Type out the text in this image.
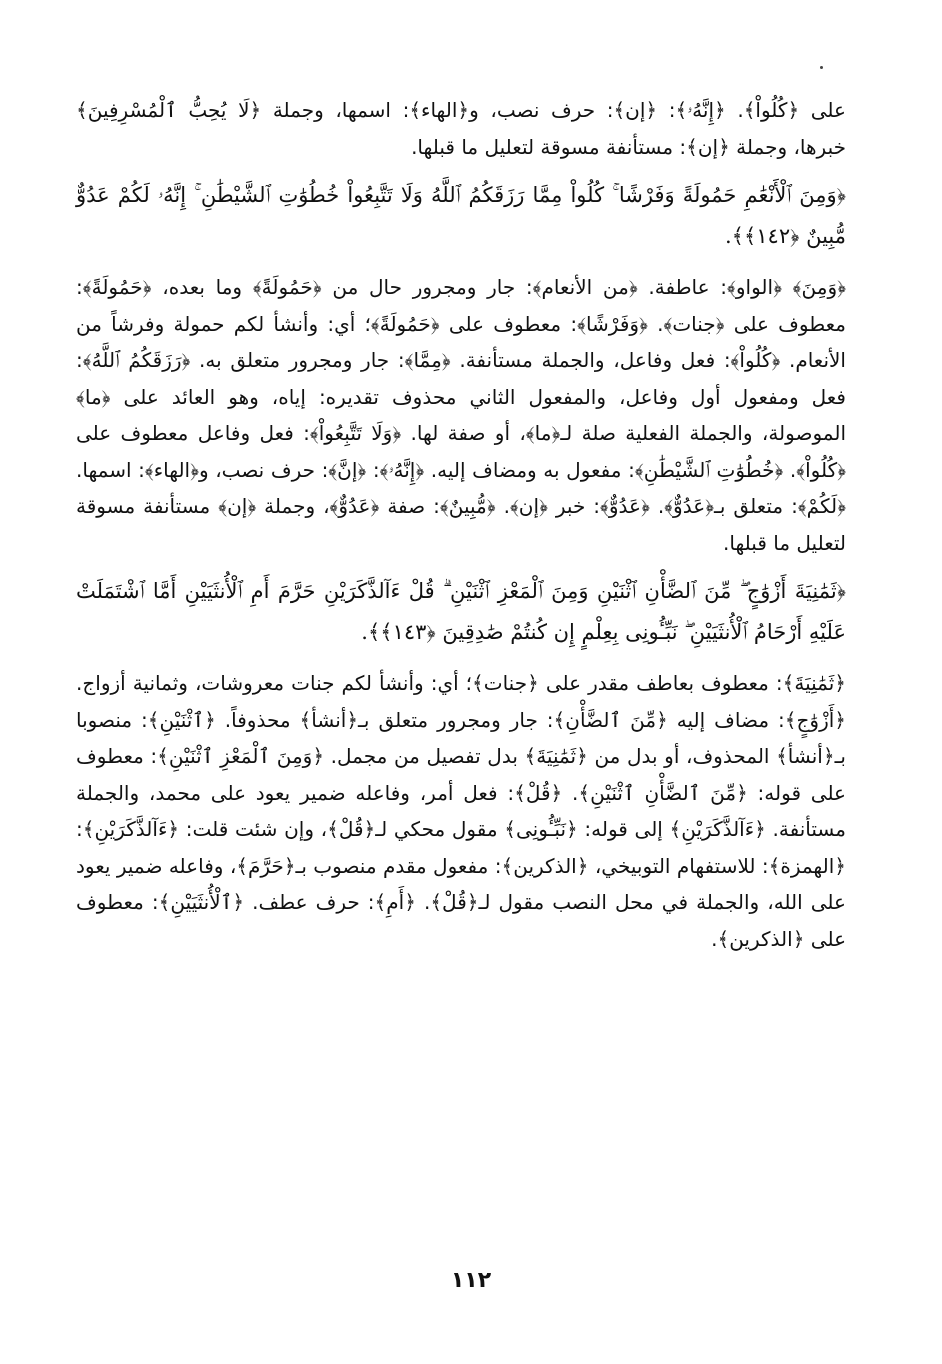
على ﴿كُلُواْ﴾. ﴿إِنَّهُۥ﴾: ﴿إن﴾: حرف نصب، و﴿الهاء﴾: اسمها، وجملة ﴿لَا يُحِبُّ ٱلْمُسْرِفِينَ﴾ خبرها، وجملة ﴿إن﴾: مستأنفة مسوقة لتعليل ما قبلها.

﴿وَمِنَ ٱلْأَنْعَٰمِ حَمُولَةً وَفَرْشًا ۚ كُلُواْ مِمَّا رَزَقَكُمُ ٱللَّهُ وَلَا تَتَّبِعُواْ خُطُوَٰتِ ٱلشَّيْطَٰنِ ۚ إِنَّهُۥ لَكُمْ عَدُوٌّ مُّبِينٌ ﴿١٤٢﴾﴾.

﴿وَمِنَ﴾ ﴿الواو﴾: عاطفة. ﴿من الأنعام﴾: جار ومجرور حال من ﴿حَمُولَةً﴾ وما بعده، ﴿حَمُولَةً﴾: معطوف على ﴿جنات﴾. ﴿وَفَرْشًا﴾: معطوف على ﴿حَمُولَةً﴾؛ أي: وأنشأ لكم حمولة وفرشاً من الأنعام. ﴿كُلُواْ﴾: فعل وفاعل، والجملة مستأنفة. ﴿مِمَّا﴾: جار ومجرور متعلق به. ﴿رَزَقَكُمُ ٱللَّهُ﴾: فعل ومفعول أول وفاعل، والمفعول الثاني محذوف تقديره: إياه، وهو العائد على ﴿ما﴾ الموصولة، والجملة الفعلية صلة لـ﴿ما﴾، أو صفة لها. ﴿وَلَا تَتَّبِعُواْ﴾: فعل وفاعل معطوف على ﴿كُلُواْ﴾. ﴿خُطُوَٰتِ ٱلشَّيْطَٰنِ﴾: مفعول به ومضاف إليه. ﴿إِنَّهُۥ﴾: ﴿إنَّ﴾: حرف نصب، و﴿الهاء﴾: اسمها. ﴿لَكُمْ﴾: متعلق بـ﴿عَدُوٌّ﴾. ﴿عَدُوٌّ﴾: خبر ﴿إن﴾. ﴿مُّبِينٌ﴾: صفة ﴿عَدُوٌّ﴾، وجملة ﴿إن﴾ مستأنفة مسوقة لتعليل ما قبلها.

﴿ثَمَٰنِيَةَ أَزْوَٰجٍ ۖ مِّنَ ٱلضَّأْنِ ٱثْنَيْنِ وَمِنَ ٱلْمَعْزِ ٱثْنَيْنِ ۗ قُلْ ءَآلذَّكَرَيْنِ حَرَّمَ أَمِ ٱلْأُنثَيَيْنِ أَمَّا ٱشْتَمَلَتْ عَلَيْهِ أَرْحَامُ ٱلْأُنثَيَيْنِ ۖ نَبِّـُٔونِى بِعِلْمٍ إِن كُنتُمْ صَٰدِقِينَ ﴿١٤٣﴾﴾.

﴿ثَمَٰنِيَةَ﴾: معطوف بعاطف مقدر على ﴿جنات﴾؛ أي: وأنشأ لكم جنات معروشات، وثمانية أزواج. ﴿أَزْوَٰجٍ﴾: مضاف إليه ﴿مِّنَ ٱلضَّأْنِ﴾: جار ومجرور متعلق بـ﴿أنشأ﴾ محذوفاً. ﴿ٱثْنَيْنِ﴾: منصوبا بـ﴿أنشأ﴾ المحذوف، أو بدل من ﴿ثَمَٰنِيَةَ﴾ بدل تفصيل من مجمل. ﴿وَمِنَ ٱلْمَعْزِ ٱثْنَيْنِ﴾: معطوف على قوله: ﴿مِّنَ ٱلضَّأْنِ ٱثْنَيْنِ﴾. ﴿قُلْ﴾: فعل أمر، وفاعله ضمير يعود على محمد، والجملة مستأنفة. ﴿ءَآلذَّكَرَيْنِ﴾ إلى قوله: ﴿نَبِّـُٔونِى﴾ مقول محكي لـ﴿قُلْ﴾، وإن شئت قلت: ﴿ءَآلذَّكَرَيْنِ﴾: ﴿الهمزة﴾: للاستفهام التوبيخي، ﴿الذكرين﴾: مفعول مقدم منصوب بـ﴿حَرَّمَ﴾، وفاعله ضمير يعود على الله، والجملة في محل النصب مقول لـ﴿قُلْ﴾. ﴿أَمِ﴾: حرف عطف. ﴿ٱلْأُنثَيَيْنِ﴾: معطوف على ﴿الذكرين﴾.

١١٢
